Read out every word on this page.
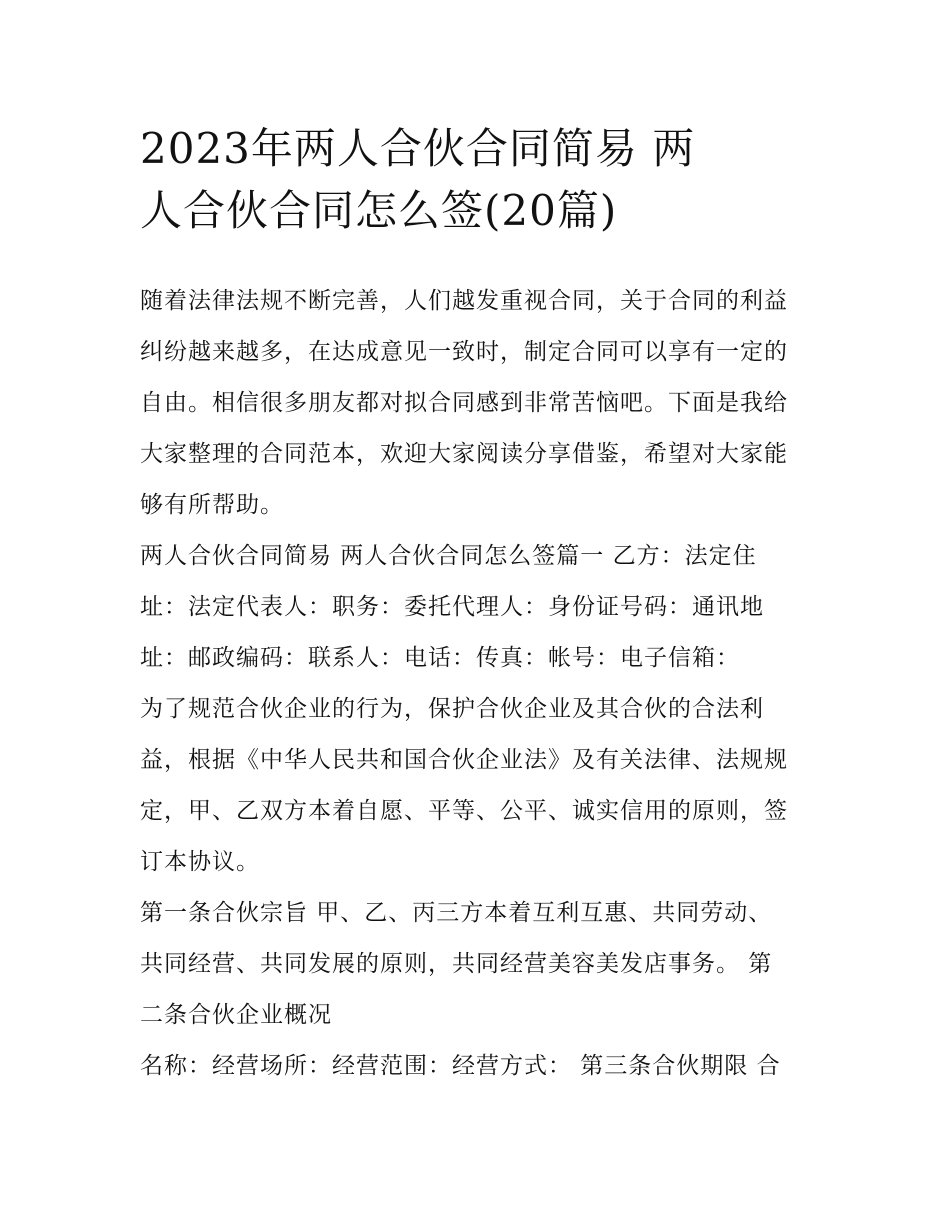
2023年两人合伙合同简易 两
人合伙合同怎么签(20篇)
随着法律法规不断完善，人们越发重视合同，关于合同的利益
纠纷越来越多，在达成意见一致时，制定合同可以享有一定的
自由。相信很多朋友都对拟合同感到非常苦恼吧。下面是我给
大家整理的合同范本，欢迎大家阅读分享借鉴，希望对大家能
够有所帮助。
两人合伙合同简易 两人合伙合同怎么签篇一 乙方：法定住
址：法定代表人：职务：委托代理人：身份证号码：通讯地
址：邮政编码：联系人：电话：传真：帐号：电子信箱：
为了规范合伙企业的行为，保护合伙企业及其合伙的合法利
益，根据《中华人民共和国合伙企业法》及有关法律、法规规
定，甲、乙双方本着自愿、平等、公平、诚实信用的原则，签
订本协议。
第一条合伙宗旨 甲、乙、丙三方本着互利互惠、共同劳动、
共同经营、共同发展的原则，共同经营美容美发店事务。 第
二条合伙企业概况
名称：经营场所：经营范围：经营方式： 第三条合伙期限 合
